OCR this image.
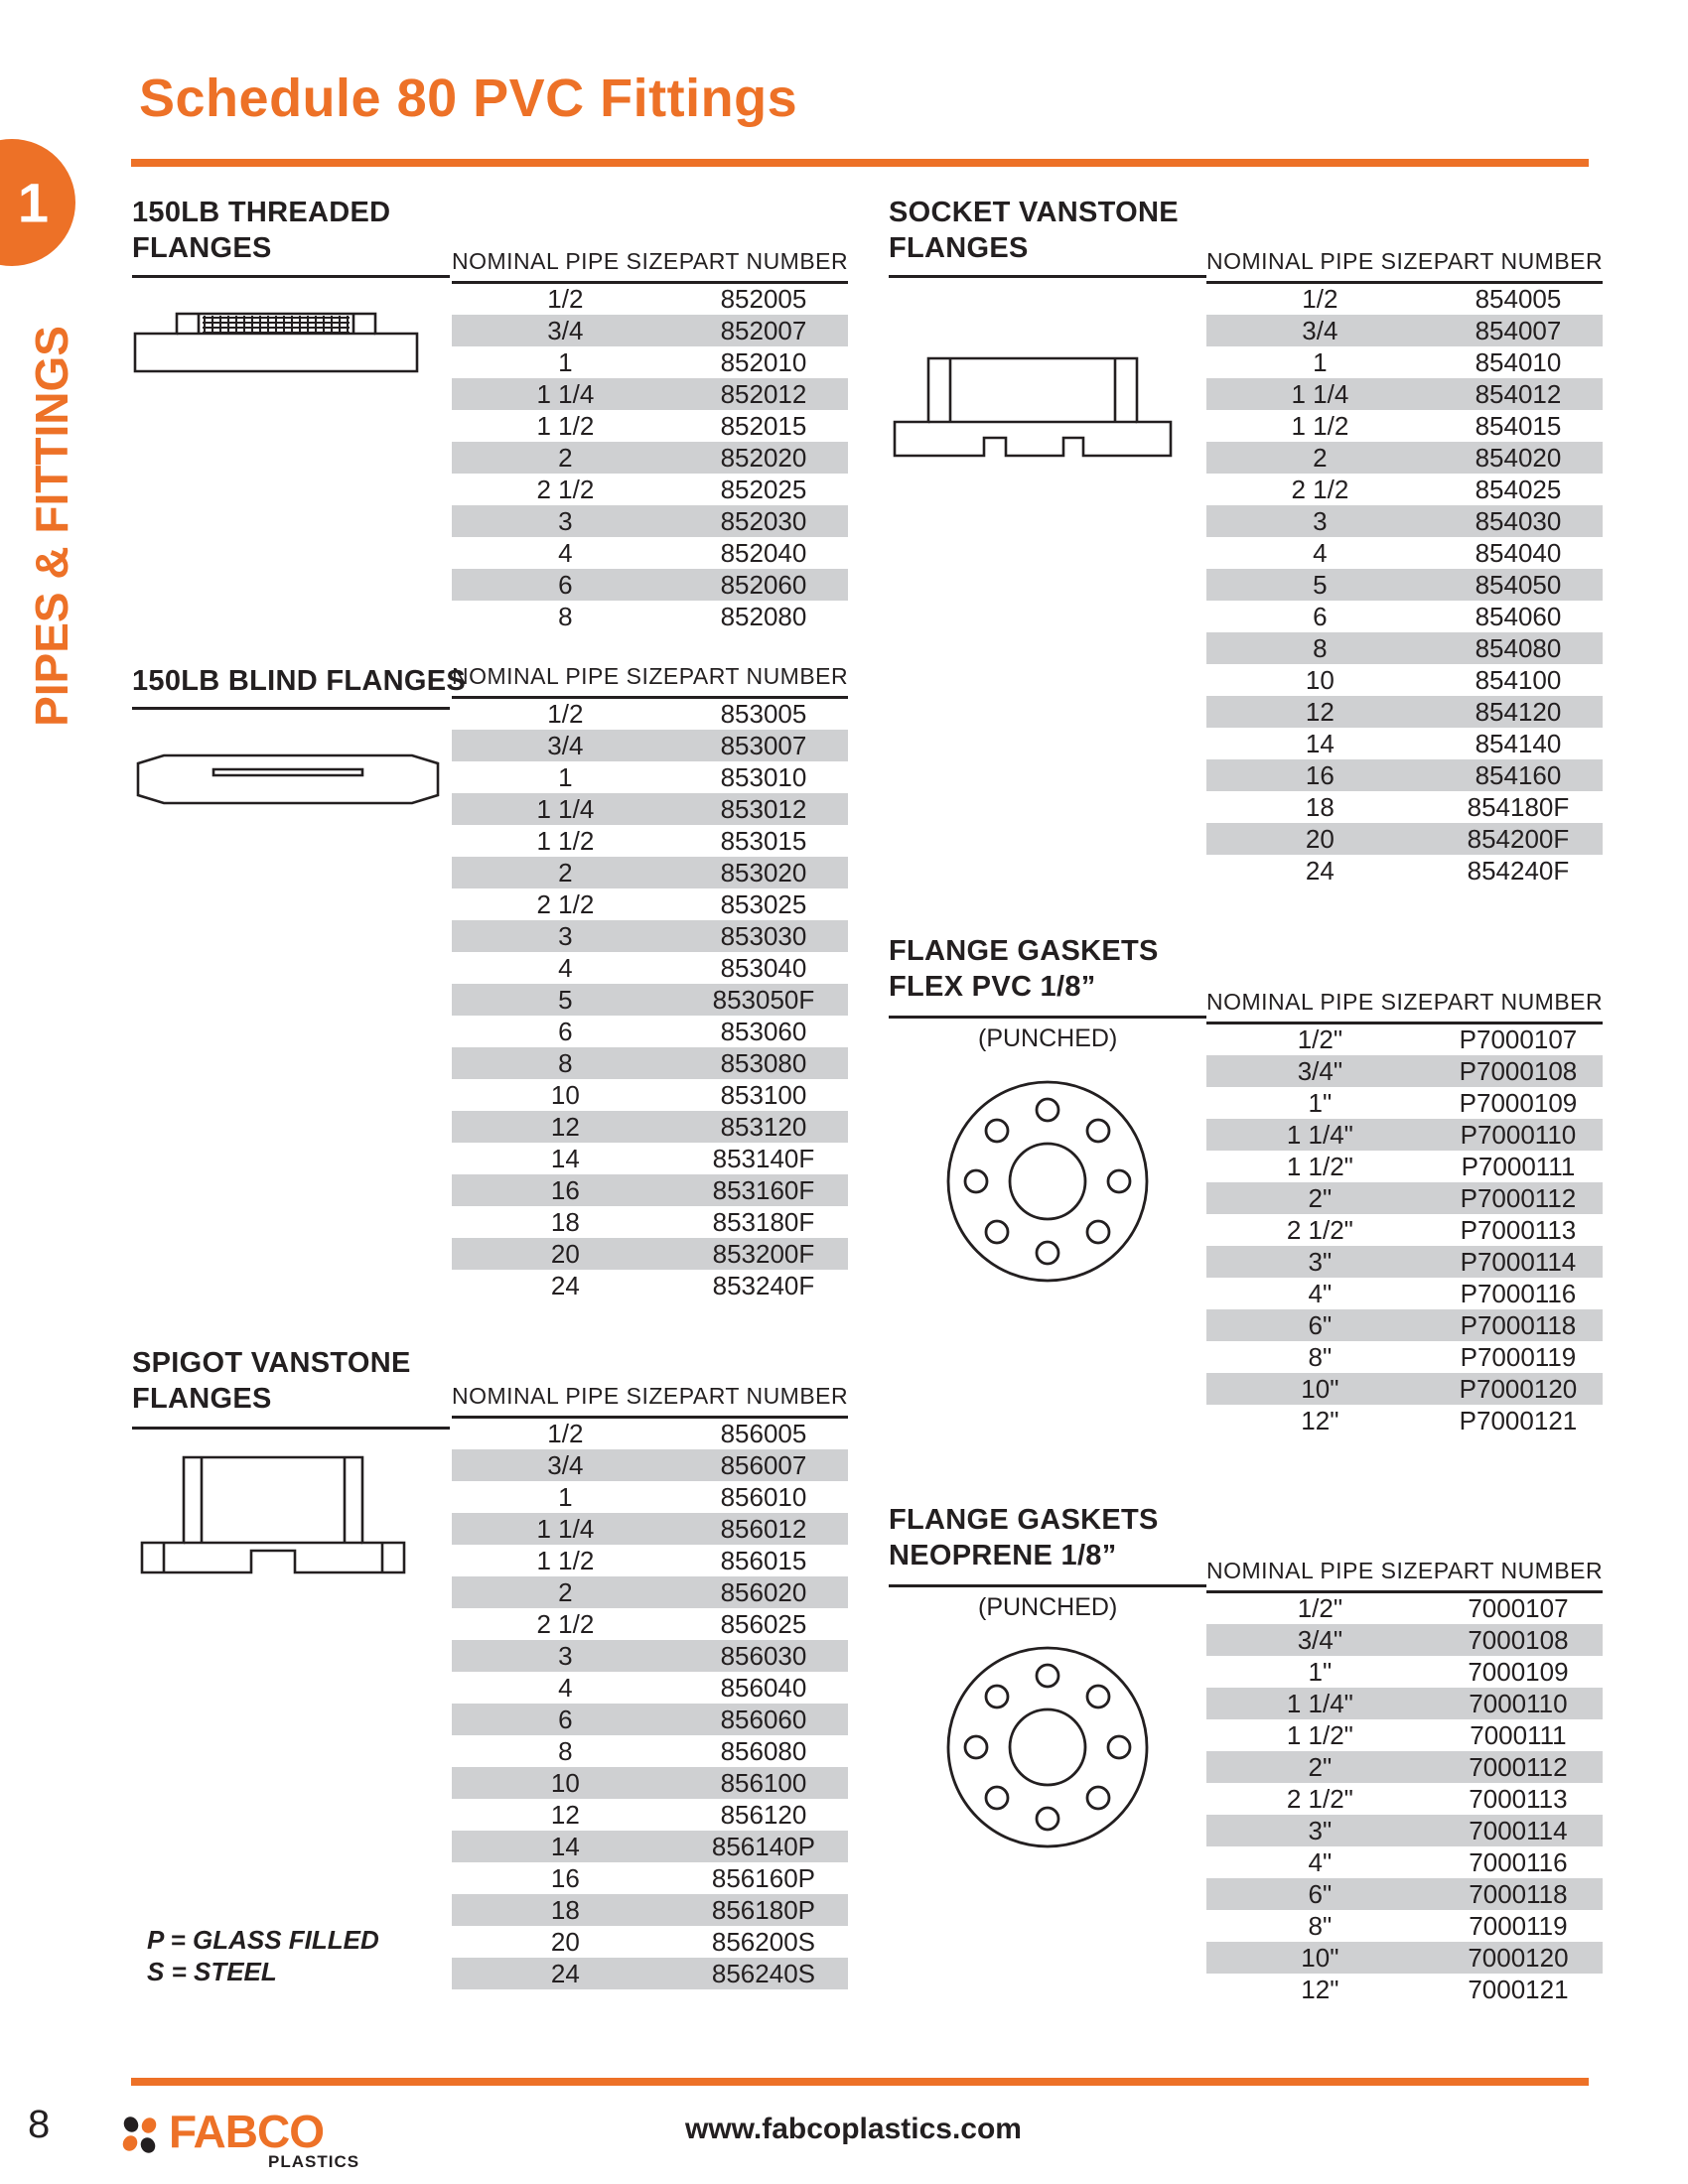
1
PIPES & FITTINGS
Schedule 80 PVC Fittings
150LB THREADED
FLANGES	NOMINAL PIPE SIZE	PART NUMBER
1/2	852005
3/4	852007
1	852010
1 1/4	852012
1 1/2	852015
2	852020
2 1/2	852025
3	852030
4	852040
6	852060
8	852080
150LB BLIND FLANGES
NOMINAL PIPE SIZE	PART NUMBER
1/2	853005
3/4	853007
1	853010
1 1/4	853012
1 1/2	853015
2	853020
2 1/2	853025
3	853030
4	853040
5	853050F
6	853060
8	853080
10	853100
12	853120
14	853140F
16	853160F
18	853180F
20	853200F
24	853240F
SPIGOT VANSTONE
FLANGES
P = GLASS FILLED
S = STEEL
NOMINAL PIPE SIZE	PART NUMBER
1/2	856005
3/4	856007
1	856010
1 1/4	856012
1 1/2	856015
2	856020
2 1/2	856025
3	856030
4	856040
6	856060
8	856080
10	856100
12	856120
14	856140P
16	856160P
18	856180P
20	856200S
24	856240S
SOCKET VANSTONE
FLANGES	NOMINAL PIPE SIZE	PART NUMBER
1/2	854005
3/4	854007
1	854010
1 1/4	854012
1 1/2	854015
2	854020
2 1/2	854025
3	854030
4	854040
5	854050
6	854060
8	854080
10	854100
12	854120
14	854140
16	854160
18	854180F
20	854200F
24	854240F
FLANGE GASKETS
FLEX PVC 1/8”
(PUNCHED)
NOMINAL PIPE SIZE	PART NUMBER
1/2"	P7000107
3/4"	P7000108
1"	P7000109
1 1/4"	P7000110
1 1/2"	P7000111
2"	P7000112
2 1/2"	P7000113
3"	P7000114
4"	P7000116
6"	P7000118
8"	P7000119
10"	P7000120
12"	P7000121
FLANGE GASKETS
NEOPRENE 1/8”
(PUNCHED)
NOMINAL PIPE SIZE	PART NUMBER
1/2"	7000107
3/4"	7000108
1"	7000109
1 1/4"	7000110
1 1/2"	7000111
2"	7000112
2 1/2"	7000113
3"	7000114
4"	7000116
6"	7000118
8"	7000119
10"	7000120
12"	7000121
8	FABCO
PLASTICS
www.fabcoplastics.com
